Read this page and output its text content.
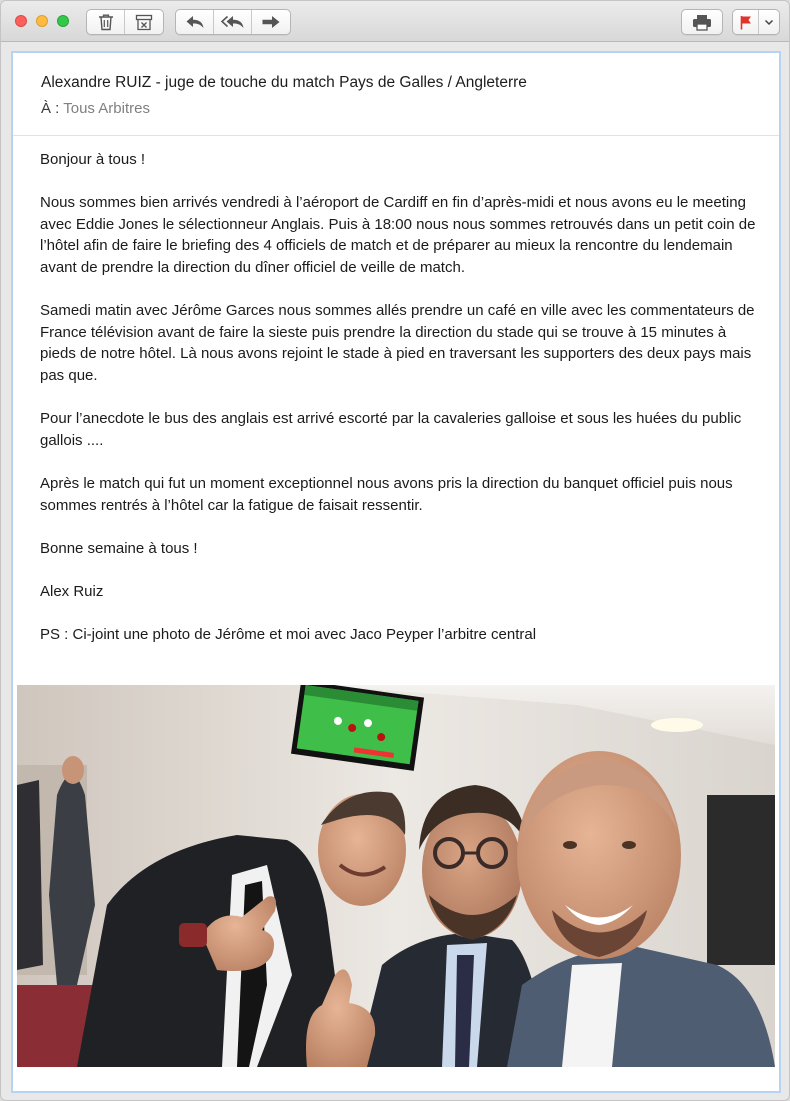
Alexandre RUIZ - juge de touche du match Pays de Galles / Angleterre
À : Tous Arbitres

Bonjour à tous !

Nous sommes bien arrivés vendredi à l’aéroport de Cardiff en fin d’après-midi et nous avons eu le meeting avec Eddie Jones le sélectionneur Anglais. Puis à 18:00 nous nous sommes retrouvés dans un petit coin de l’hôtel afin de faire le briefing des 4 officiels de match et de préparer au mieux la rencontre du lendemain avant de prendre la direction du dîner officiel de veille de match.

Samedi matin avec Jérôme Garces nous sommes allés prendre un café en ville avec les commentateurs de France télévision avant de faire la sieste puis prendre la direction du stade qui se trouve à 15 minutes à pieds de notre hôtel. Là nous avons rejoint le stade à pied en traversant les supporters des deux pays mais pas que.

Pour l’anecdote le bus des anglais est arrivé escorté par la cavaleries galloise et sous les huées du public gallois ....

Après le match qui fut un moment exceptionnel nous avons pris la direction du banquet officiel puis nous sommes rentrés à l’hôtel car la fatigue de faisait ressentir.

Bonne semaine à tous !

Alex Ruiz

PS : Ci-joint une photo de Jérôme et moi avec Jaco Peyper l’arbitre central
